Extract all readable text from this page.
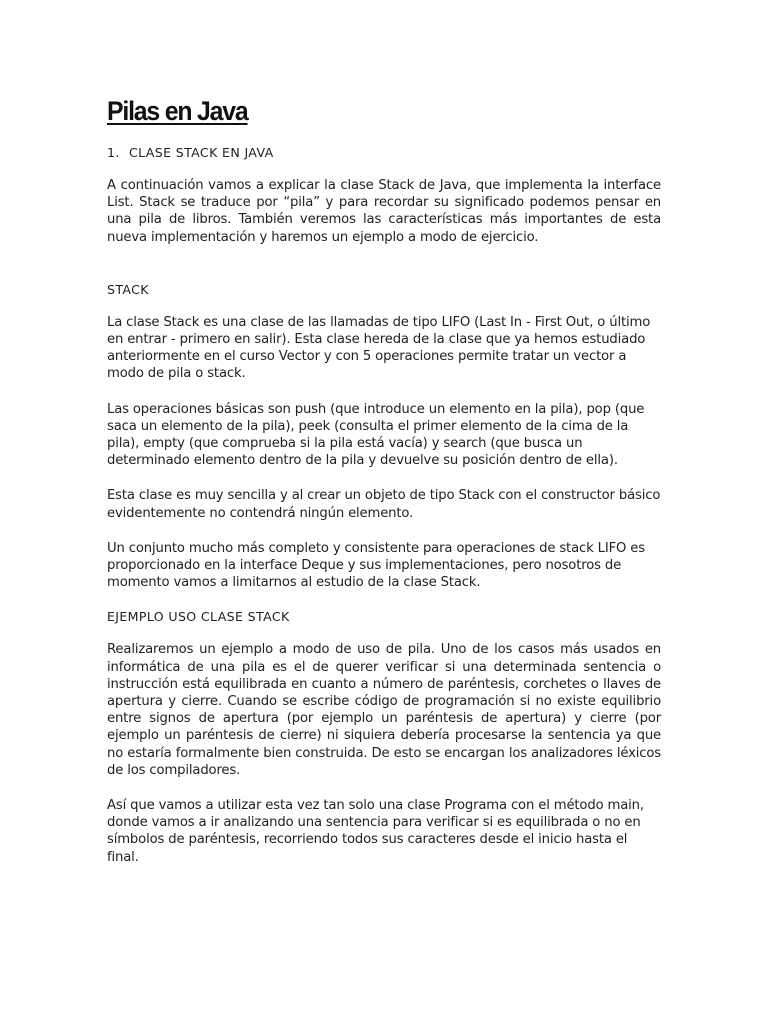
Pilas en Java
1. CLASE STACK EN JAVA

A continuación vamos a explicar la clase Stack de Java, que implementa la interface List. Stack se traduce por “pila” y para recordar su significado podemos pensar en una pila de libros. También veremos las características más importantes de esta nueva implementación y haremos un ejemplo a modo de ejercicio.

STACK

La clase Stack es una clase de las llamadas de tipo LIFO (Last In - First Out, o último en entrar - primero en salir). Esta clase hereda de la clase que ya hemos estudiado anteriormente en el curso Vector y con 5 operaciones permite tratar un vector a modo de pila o stack.

Las operaciones básicas son push (que introduce un elemento en la pila), pop (que saca un elemento de la pila), peek (consulta el primer elemento de la cima de la pila), empty (que comprueba si la pila está vacía) y search (que busca un determinado elemento dentro de la pila y devuelve su posición dentro de ella).

Esta clase es muy sencilla y al crear un objeto de tipo Stack con el constructor básico evidentemente no contendrá ningún elemento.

Un conjunto mucho más completo y consistente para operaciones de stack LIFO es proporcionado en la interface Deque y sus implementaciones, pero nosotros de momento vamos a limitarnos al estudio de la clase Stack.

EJEMPLO USO CLASE STACK

Realizaremos un ejemplo a modo de uso de pila. Uno de los casos más usados en informática de una pila es el de querer verificar si una determinada sentencia o instrucción está equilibrada en cuanto a número de paréntesis, corchetes o llaves de apertura y cierre. Cuando se escribe código de programación si no existe equilibrio entre signos de apertura (por ejemplo un paréntesis de apertura) y cierre (por ejemplo un paréntesis de cierre) ni siquiera debería procesarse la sentencia ya que no estaría formalmente bien construida. De esto se encargan los analizadores léxicos de los compiladores.

Así que vamos a utilizar esta vez tan solo una clase Programa con el método main, donde vamos a ir analizando una sentencia para verificar si es equilibrada o no en símbolos de paréntesis, recorriendo todos sus caracteres desde el inicio hasta el final.
